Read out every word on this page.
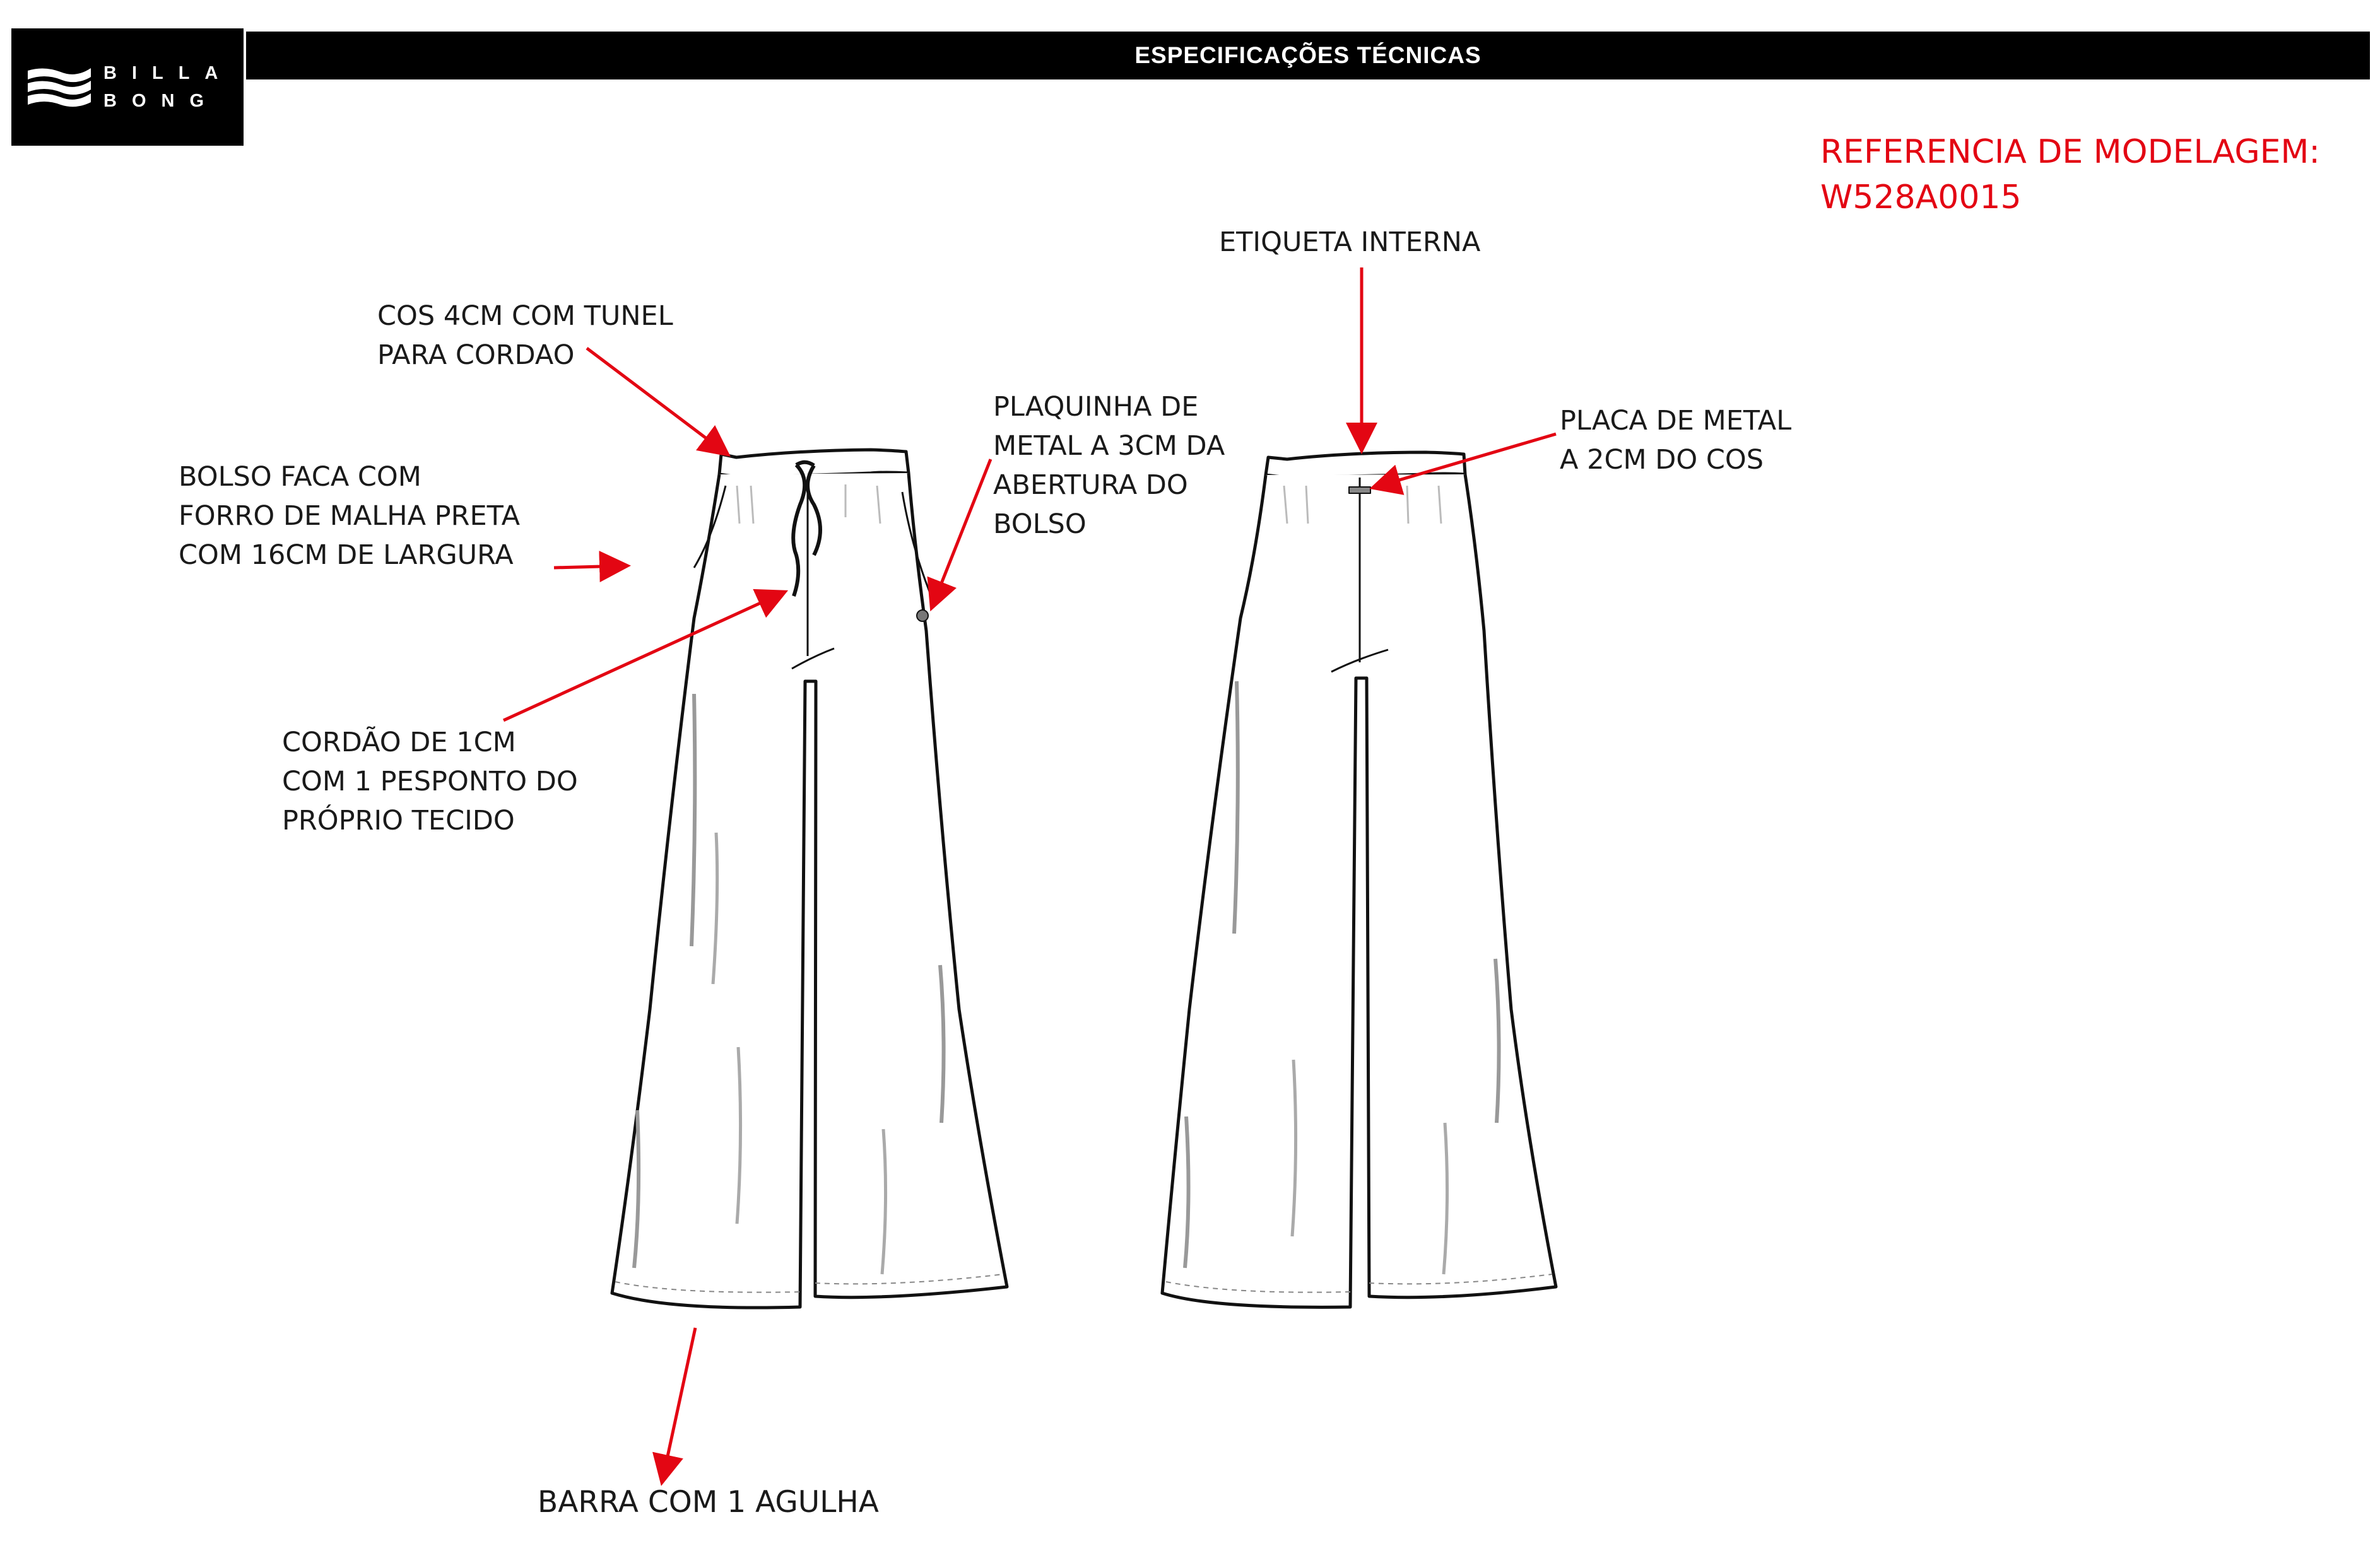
BILLA
BONG
ESPECIFICAÇÕES TÉCNICAS
REFERENCIA DE MODELAGEM:
W528A0015
COS 4CM COM TUNEL
PARA CORDAO
BOLSO FACA COM
FORRO DE MALHA PRETA
COM 16CM DE LARGURA
CORDÃO DE 1CM
COM 1 PESPONTO DO
PRÓPRIO TECIDO
PLAQUINHA DE
METAL A 3CM DA
ABERTURA DO
BOLSO
BARRA COM 1 AGULHA
ETIQUETA INTERNA
PLACA DE METAL
A 2CM DO COS
